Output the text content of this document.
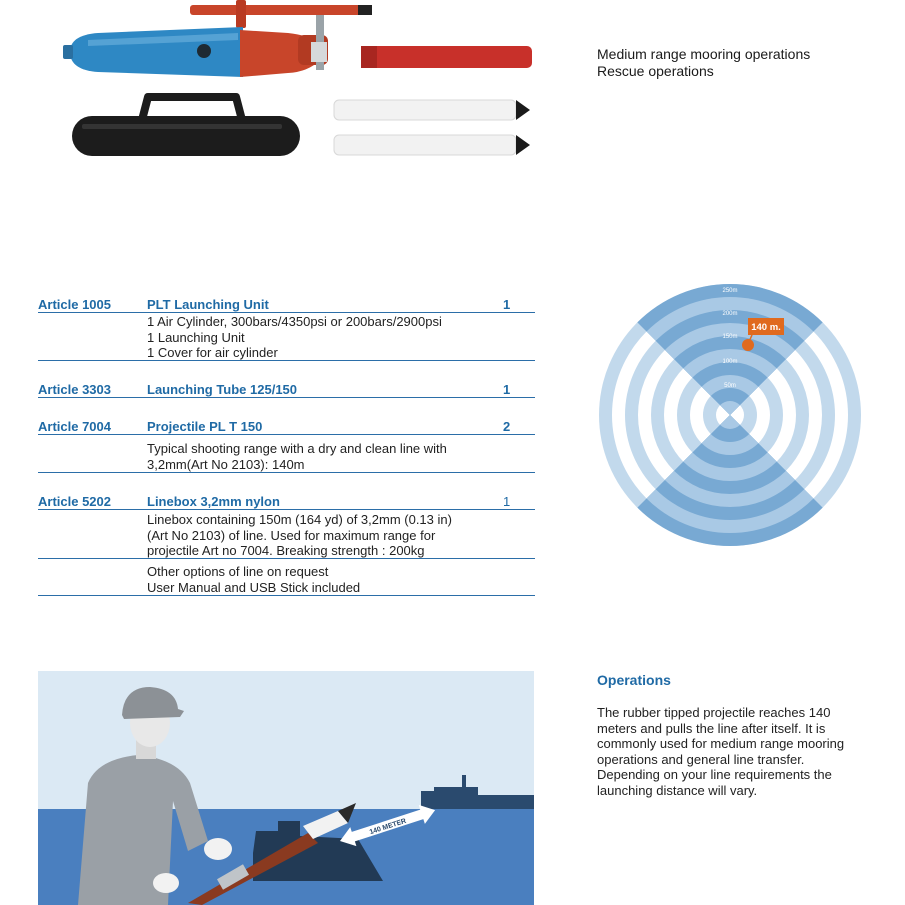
Medium range mooring operations
Rescue operations
Article 1005	PLT Launching Unit	1
1 Air Cylinder, 300bars/4350psi or 200bars/2900psi
1 Launching Unit
1 Cover for air cylinder
Article 3303	Launching Tube 125/150	1
Article 7004	Projectile PL T 150	2
Typical shooting range with a dry and clean line with
3,2mm(Art No 2103): 140m
Article 5202	Linebox 3,2mm nylon	1
Linebox containing 150m (164 yd) of 3,2mm (0.13 in)
(Art No 2103) of line. Used for maximum range for
projectile Art no 7004. Breaking strength : 200kg
Other options of line on request
User Manual and USB Stick included
50m
100m
150m
200m
250m
140 m.
140 METER
Operations
The rubber tipped projectile reaches 140 meters and pulls the line after itself. It is commonly used for medium range mooring operations and general line transfer. Depending on your line requirements the launching distance will vary.
